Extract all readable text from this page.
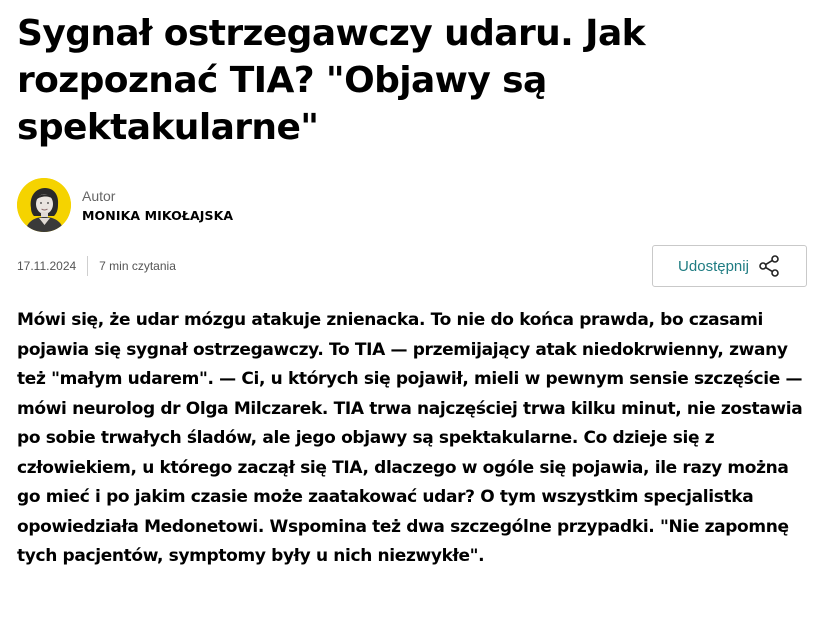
Sygnał ostrzegawczy udaru. Jak rozpoznać TIA? "Objawy są spektakularne"
Autor
MONIKA MIKOŁAJSKA
17.11.2024 7 min czytania	Udostępnij

Mówi się, że udar mózgu atakuje znienacka. To nie do końca prawda, bo czasami pojawia się sygnał ostrzegawczy. To TIA — przemijający atak niedokrwienny, zwany też "małym udarem". — Ci, u których się pojawił, mieli w pewnym sensie szczęście — mówi neurolog dr Olga Milczarek. TIA trwa najczęściej trwa kilku minut, nie zostawia po sobie trwałych śladów, ale jego objawy są spektakularne. Co dzieje się z człowiekiem, u którego zaczął się TIA, dlaczego w ogóle się pojawia, ile razy można go mieć i po jakim czasie może zaatakować udar? O tym wszystkim specjalistka opowiedziała Medonetowi. Wspomina też dwa szczególne przypadki. "Nie zapomnę tych pacjentów, symptomy były u nich niezwykłe".
